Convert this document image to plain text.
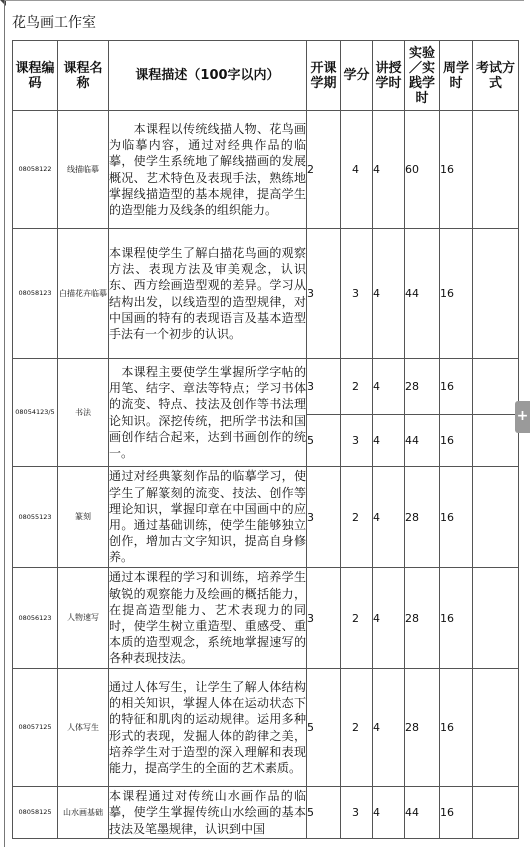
花鸟画工作室
课程编码	课程名称	课程描述（100字以内）	开课学期	学分	讲授学时	实验／实践学时	周学时	考试方式
08058122	线描临摹	　　本课程以传统线描人物、花鸟画为临摹内容，通过对经典作品的临摹，使学生系统地了解线描画的发展概况、艺术特色及表现手法，熟练地掌握线描造型的基本规律，提高学生的造型能力及线条的组织能力。	2	4	4	60	16	
08058123	白描花卉临摹	本课程使学生了解白描花鸟画的观察方法、表现方法及审美观念，认识东、西方绘画造型观的差异。学习从结构出发，以线造型的造型规律，对中国画的特有的表现语言及基本造型手法有一个初步的认识。	3	3	4	44	16	
08054123/5	书法	　本课程主要使学生掌握所学字帖的用笔、结字、章法等特点；学习书体的流变、特点、技法及创作等书法理论知识。深挖传统，把所学书法和国画创作结合起来，达到书画创作的统一。	3	2	4	28	16	
			5	3	4	44	16	
08055123	篆刻	通过对经典篆刻作品的临摹学习，使学生了解篆刻的流变、技法、创作等理论知识，掌握印章在中国画中的应用。通过基础训练，使学生能够独立创作，增加古文字知识，提高自身修养。	3	2	4	28	16	
08056123	人物速写	通过本课程的学习和训练，培养学生敏锐的观察能力及绘画的概括能力，在提高造型能力、艺术表现力的同时，使学生树立重造型、重感受、重本质的造型观念，系统地掌握速写的各种表现技法。	3	2	4	28	16	
08057125	人体写生	通过人体写生，让学生了解人体结构的相关知识，掌握人体在运动状态下的特征和肌肉的运动规律。运用多种形式的表现，发掘人体的韵律之美，培养学生对于造型的深入理解和表现能力，提高学生的全面的艺术素质。	5	2	4	28	16	
08058125	山水画基础	本课程通过对传统山水画作品的临摹，使学生掌握传统山水绘画的基本技法及笔墨规律，认识到中国	5	3	4	44	16	
+
